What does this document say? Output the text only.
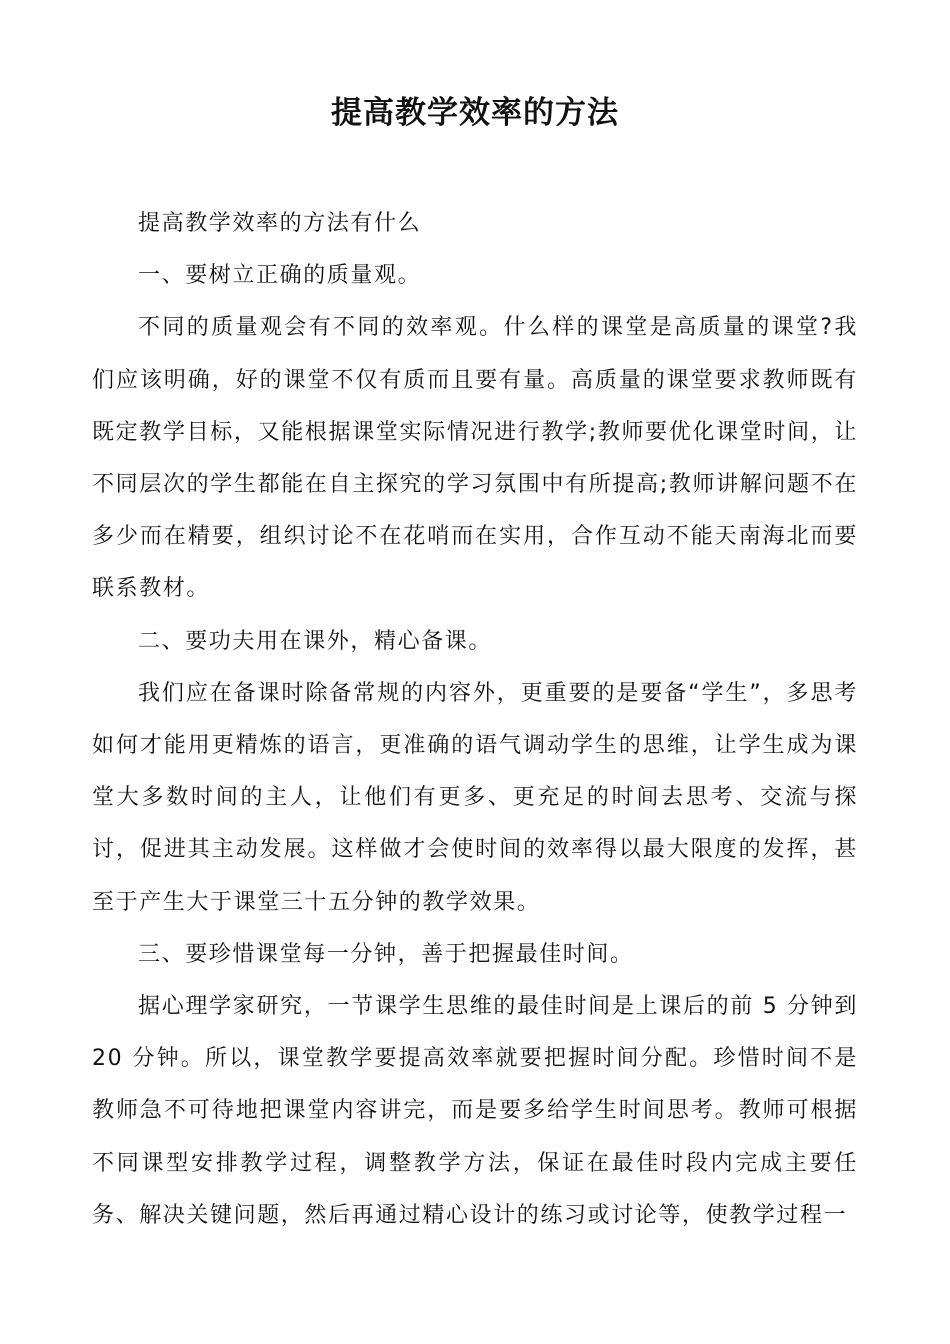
提高教学效率的方法

提高教学效率的方法有什么

一、要树立正确的质量观。

不同的质量观会有不同的效率观。什么样的课堂是高质量的课堂?我们应该明确，好的课堂不仅有质而且要有量。高质量的课堂要求教师既有既定教学目标，又能根据课堂实际情况进行教学;教师要优化课堂时间，让不同层次的学生都能在自主探究的学习氛围中有所提高;教师讲解问题不在多少而在精要，组织讨论不在花哨而在实用，合作互动不能天南海北而要联系教材。

二、要功夫用在课外，精心备课。

我们应在备课时除备常规的内容外，更重要的是要备“学生”，多思考如何才能用更精炼的语言，更准确的语气调动学生的思维，让学生成为课堂大多数时间的主人，让他们有更多、更充足的时间去思考、交流与探讨，促进其主动发展。这样做才会使时间的效率得以最大限度的发挥，甚至于产生大于课堂三十五分钟的教学效果。

三、要珍惜课堂每一分钟，善于把握最佳时间。

据心理学家研究，一节课学生思维的最佳时间是上课后的前 5 分钟到 20 分钟。所以，课堂教学要提高效率就要把握时间分配。珍惜时间不是教师急不可待地把课堂内容讲完，而是要多给学生时间思考。教师可根据不同课型安排教学过程，调整教学方法，保证在最佳时段内完成主要任务、解决关键问题，然后再通过精心设计的练习或讨论等，使教学过程一
